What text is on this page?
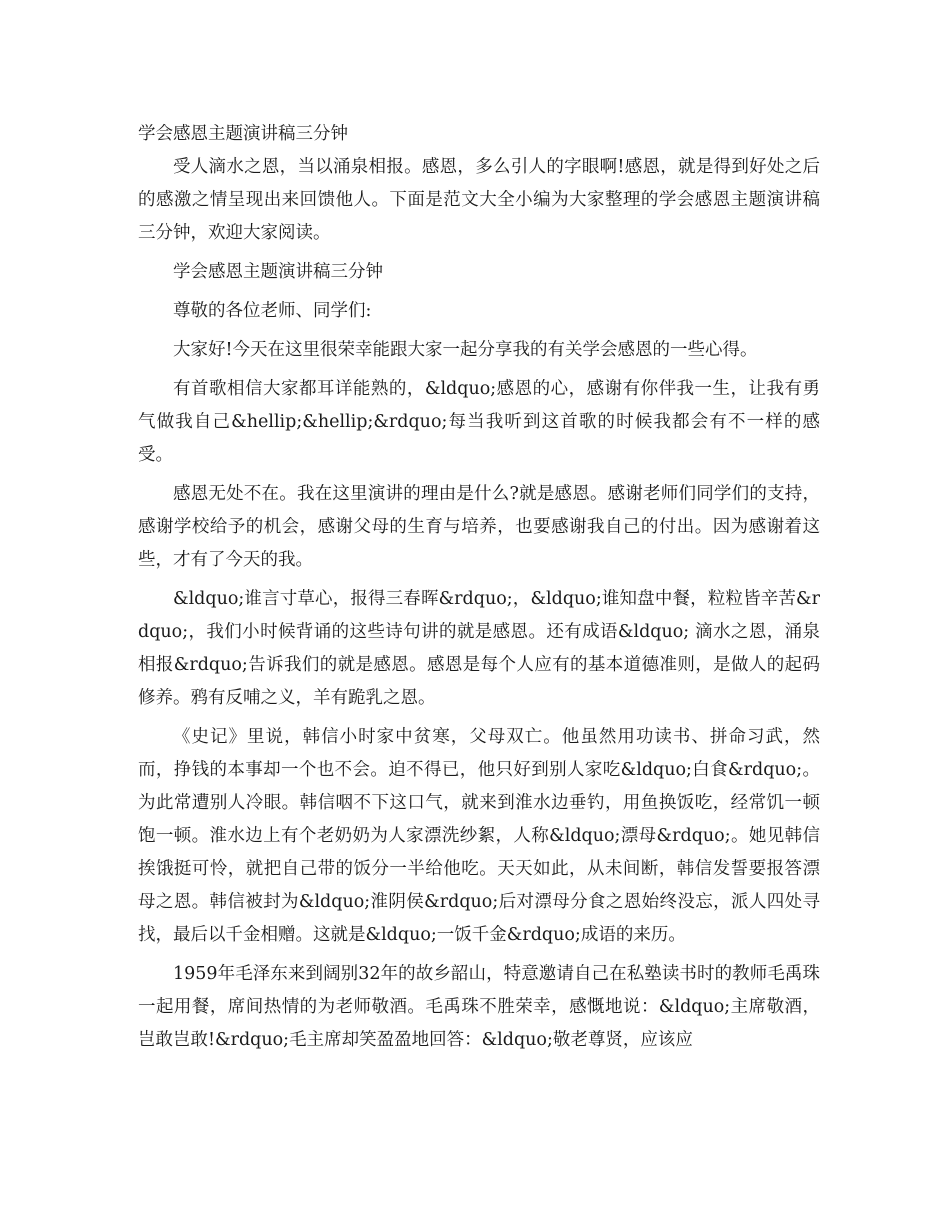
学会感恩主题演讲稿三分钟

受人滴水之恩，当以涌泉相报。感恩，多么引人的字眼啊!感恩，就是得到好处之后的感激之情呈现出来回馈他人。下面是范文大全小编为大家整理的学会感恩主题演讲稿三分钟，欢迎大家阅读。

学会感恩主题演讲稿三分钟

尊敬的各位老师、同学们:

大家好!今天在这里很荣幸能跟大家一起分享我的有关学会感恩的一些心得。

有首歌相信大家都耳详能熟的，&ldquo;感恩的心，感谢有你伴我一生，让我有勇气做我自己&hellip;&hellip;&rdquo;每当我听到这首歌的时候我都会有不一样的感受。

感恩无处不在。我在这里演讲的理由是什么?就是感恩。感谢老师们同学们的支持，感谢学校给予的机会，感谢父母的生育与培养，也要感谢我自己的付出。因为感谢着这些，才有了今天的我。

&ldquo;谁言寸草心，报得三春晖&rdquo;，&ldquo;谁知盘中餐，粒粒皆辛苦&rdquo;，我们小时候背诵的这些诗句讲的就是感恩。还有成语&ldquo; 滴水之恩，涌泉相报&rdquo;告诉我们的就是感恩。感恩是每个人应有的基本道德准则，是做人的起码修养。鸦有反哺之义，羊有跪乳之恩。

《史记》里说，韩信小时家中贫寒，父母双亡。他虽然用功读书、拼命习武，然而，挣钱的本事却一个也不会。迫不得已，他只好到别人家吃&ldquo;白食&rdquo;。为此常遭别人冷眼。韩信咽不下这口气，就来到淮水边垂钓，用鱼换饭吃，经常饥一顿饱一顿。淮水边上有个老奶奶为人家漂洗纱絮，人称&ldquo;漂母&rdquo;。她见韩信挨饿挺可怜，就把自己带的饭分一半给他吃。天天如此，从未间断，韩信发誓要报答漂母之恩。韩信被封为&ldquo;淮阴侯&rdquo;后对漂母分食之恩始终没忘，派人四处寻找，最后以千金相赠。这就是&ldquo;一饭千金&rdquo;成语的来历。

1959年毛泽东来到阔别32年的故乡韶山，特意邀请自己在私塾读书时的教师毛禹珠一起用餐，席间热情的为老师敬酒。毛禹珠不胜荣幸，感慨地说：&ldquo;主席敬酒，岂敢岂敢!&rdquo;毛主席却笑盈盈地回答：&ldquo;敬老尊贤，应该应
